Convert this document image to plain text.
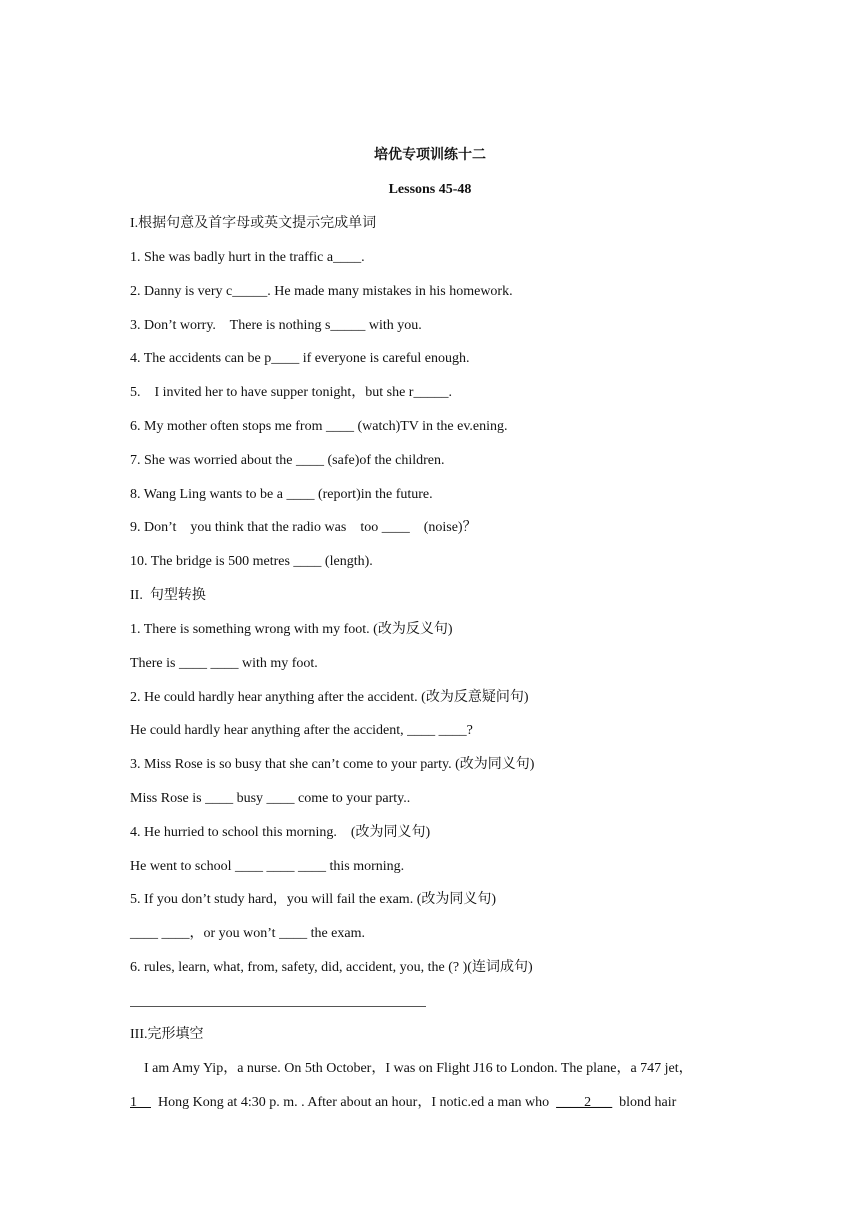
培优专项训练十二
Lessons 45-48
I.根据句意及首字母或英文提示完成单词
1. She was badly hurt in the traffic a____.
2. Danny is very c_____. He made many mistakes in his homework.
3. Don’t worry.    There is nothing s_____ with you.
4. The accidents can be p____ if everyone is careful enough.
5.    I invited her to have supper tonight，but she r_____.
6. My mother often stops me from ____ (watch)TV in the ev.ening.
7. She was worried about the ____ (safe)of the children.
8. Wang Ling wants to be a ____ (report)in the future.
9. Don’t    you think that the radio was    too ____    (noise)？
10. The bridge is 500 metres ____ (length).
II.  句型转换
1. There is something wrong with my foot. (改为反义句)
There is ____ ____ with my foot.
2. He could hardly hear anything after the accident. (改为反意疑问句)
He could hardly hear anything after the accident, ____ ____?
3. Miss Rose is so busy that she can’t come to your party. (改为同义句)
Miss Rose is ____ busy ____ come to your party..
4. He hurried to school this morning.    (改为同义句)
He went to school ____ ____ ____ this morning.
5. If you don’t study hard，you will fail the exam. (改为同义句)
____ ____，or you won’t ____ the exam.
6. rules, learn, what, from, safety, did, accident, you, the (? )(连词成句)
III.完形填空
I am Amy Yip，a nurse. On 5th October，I was on Flight J16 to London. The plane，a 747 jet，
1      Hong Kong at 4:30 p. m. . After about an hour，I notic.ed a man who  ____2___  blond hair
